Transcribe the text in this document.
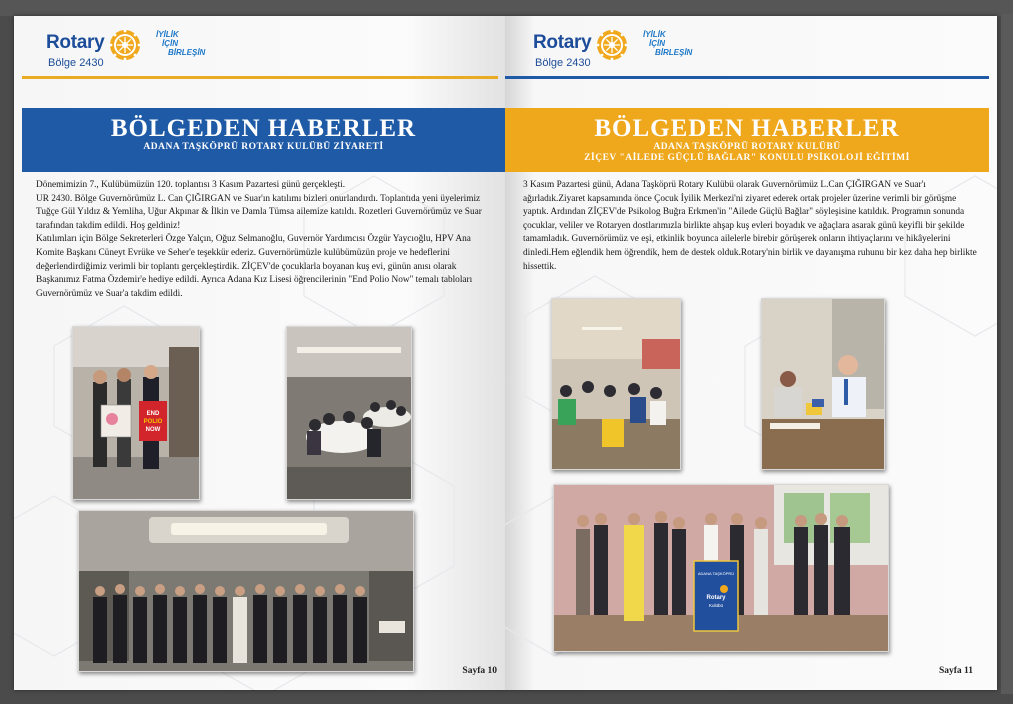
Rotary
Bölge 2430
İYİLİK
İÇİN
BİRLEŞİN
BÖLGEDEN HABERLER
ADANA TAŞKÖPRÜ ROTARY KULÜBÜ ZİYARETİ

Dönemimizin 7., Kulübümüzün 120. toplantısı 3 Kasım Pazartesi günü gerçekleşti.

UR 2430. Bölge Guvernörümüz L. Can ÇIĞIRGAN ve Suar'ın katılımı bizleri onurlandırdı. Toplantıda yeni üyelerimiz Tuğçe Gül Yıldız & Yemliha, Uğur Akpınar & İlkin ve Damla Tümsa ailemize katıldı. Rozetleri Guvernörümüz ve Suar tarafından takdim edildi. Hoş geldiniz!

Katılımları için Bölge Sekreterleri Özge Yalçın, Oğuz Selmanoğlu, Guvernör Yardımcısı Özgür Yaycıoğlu, HPV Ana Komite Başkanı Cüneyt Evrüke ve Seher'e teşekkür ederiz. Guvernörümüzle kulübümüzün proje ve hedeflerini değerlendirdiğimiz verimli bir toplantı gerçekleştirdik. ZİÇEV'de çocuklarla boyanan kuş evi, günün anısı olarak Başkanımız Fatma Özdemir'e hediye edildi. Ayrıca Adana Kız Lisesi öğrencilerinin "End Polio Now" temalı tabloları Guvernörümüz ve Suar'a takdim edildi.

END
POLIO
NOW
Sayfa 10
Rotary
Bölge 2430
İYİLİK
İÇİN
BİRLEŞİN
BÖLGEDEN HABERLER
ADANA TAŞKÖPRÜ ROTARY KULÜBÜ
ZİÇEV "AİLEDE GÜÇLÜ BAĞLAR" KONULU PSİKOLOJİ EĞİTİMİ

3 Kasım Pazartesi günü, Adana Taşköprü Rotary Kulübü olarak Guvernörümüz L.Can ÇIĞIRGAN ve Suar'ı ağırladık.Ziyaret kapsamında önce Çocuk İyilik Merkezi'ni ziyaret ederek ortak projeler üzerine verimli bir görüşme yaptık. Ardından ZİÇEV'de Psikolog Buğra Erkmen'in "Ailede Güçlü Bağlar" söyleşisine katıldık. Programın sonunda çocuklar, veliler ve Rotaryen dostlarımızla birlikte ahşap kuş evleri boyadık ve ağaçlara asarak günü keyifli bir şekilde tamamladık. Guvernörümüz ve eşi, etkinlik boyunca ailelerle birebir görüşerek onların ihtiyaçlarını ve hikâyelerini dinledi.Hem eğlendik hem öğrendik, hem de destek olduk.Rotary'nin birlik ve dayanışma ruhunu bir kez daha hep birlikte hissettik.

ADANA TAŞKÖPRÜ
Rotary
Kulübü
Sayfa 11
